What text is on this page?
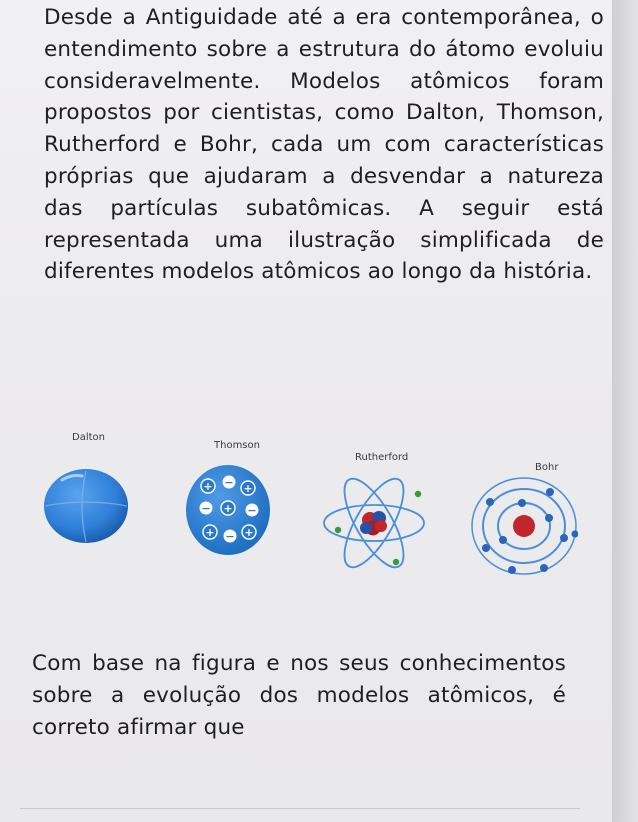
Desde a Antiguidade até a era contemporânea, o entendimento sobre a estrutura do átomo evoluiu consideravelmente. Modelos atômicos foram propostos por cientistas, como Dalton, Thomson, Rutherford e Bohr, cada um com características próprias que ajudaram a desvendar a natureza das partículas subatômicas. A seguir está representada uma ilustração simplificada de diferentes modelos atômicos ao longo da história.

Dalton
Thomson
Rutherford
Bohr
+ − +
− + −
+ − +

Com base na figura e nos seus conhecimentos sobre a evolução dos modelos atômicos, é correto afirmar que
